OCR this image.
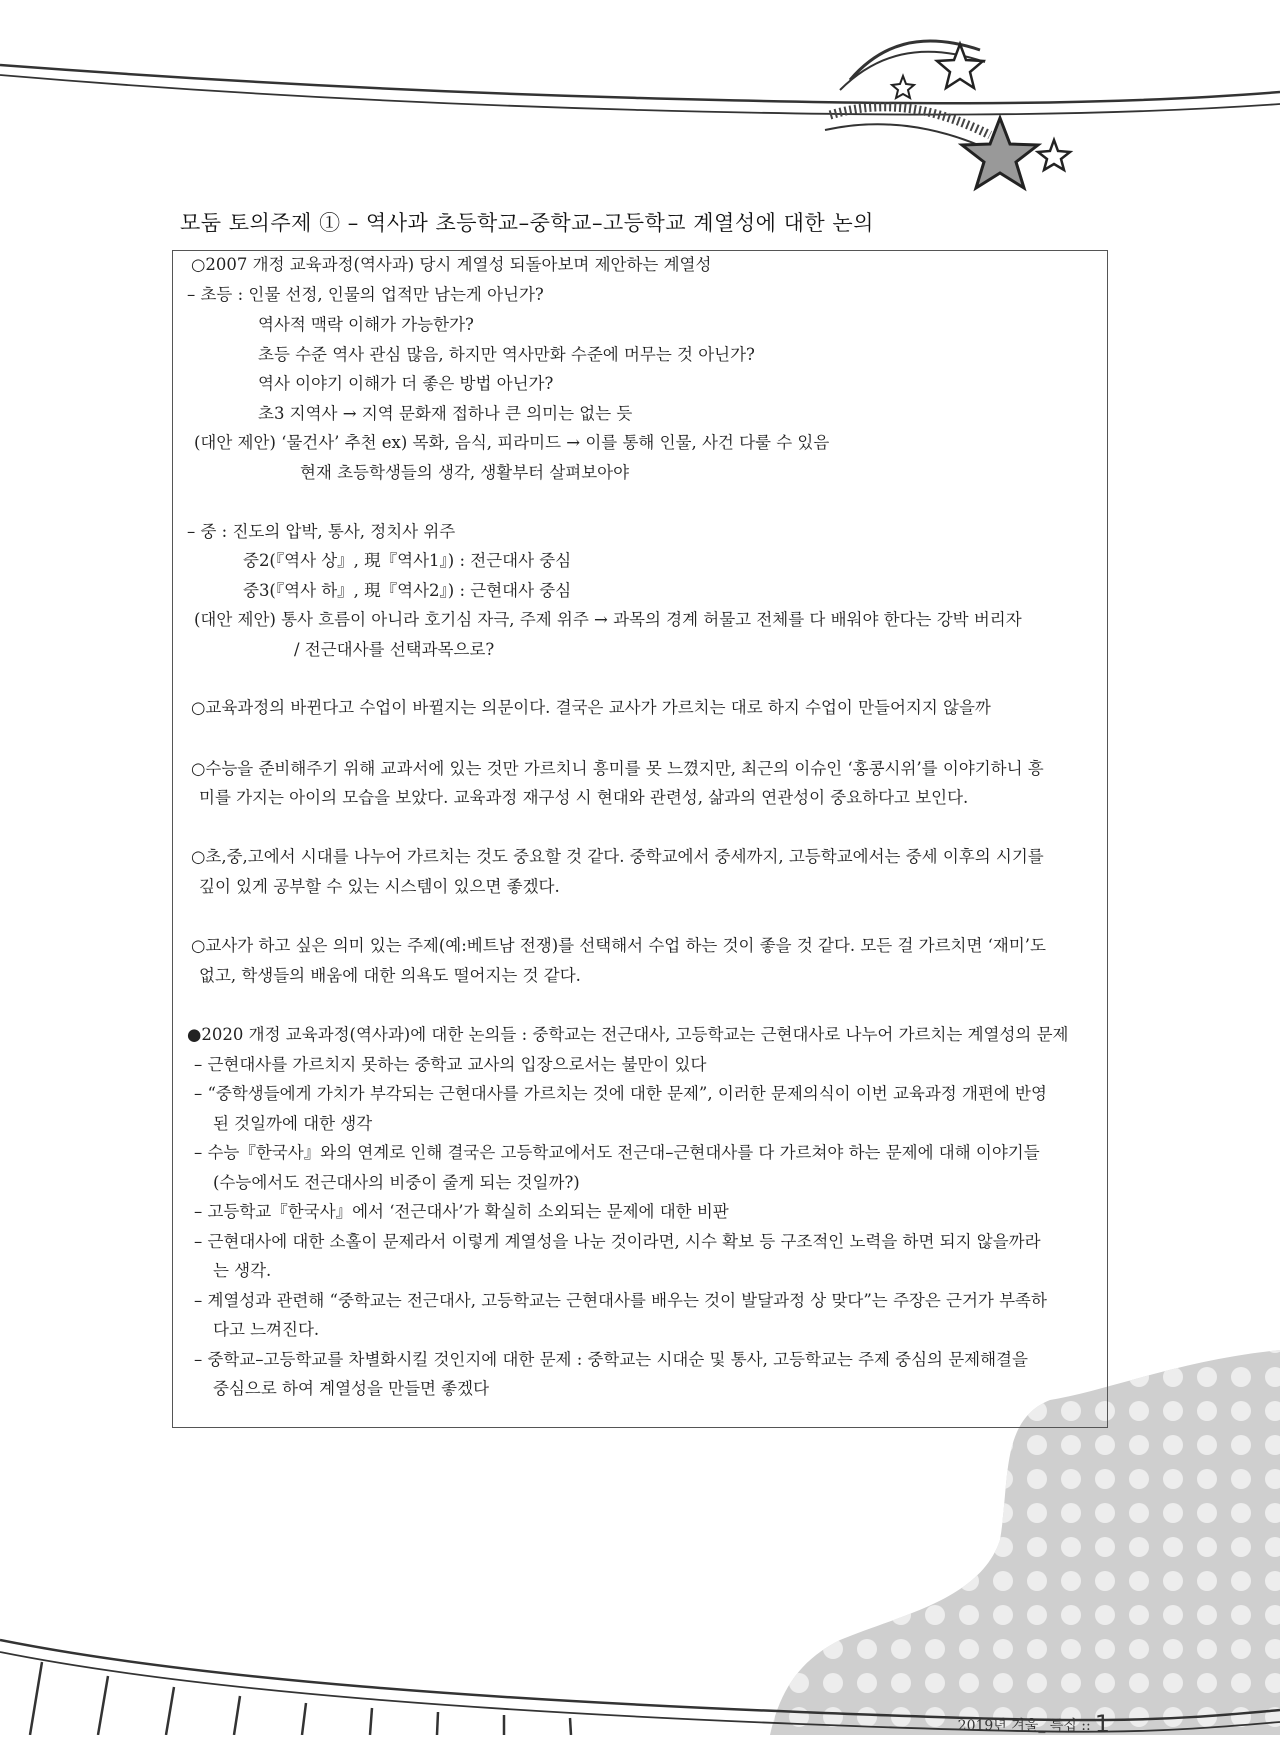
모둠 토의주제 ① – 역사과 초등학교–중학교–고등학교 계열성에 대한 논의
○2007 개정 교육과정(역사과) 당시 계열성 되돌아보며 제안하는 계열성
– 초등 : 인물 선정, 인물의 업적만 남는게 아닌가?
역사적 맥락 이해가 가능한가?
초등 수준 역사 관심 많음, 하지만 역사만화 수준에 머무는 것 아닌가?
역사 이야기 이해가 더 좋은 방법 아닌가?
초3 지역사 → 지역 문화재 접하나 큰 의미는 없는 듯
(대안 제안) ‘물건사’ 추천 ex) 목화, 음식, 피라미드 → 이를 통해 인물, 사건 다룰 수 있음
현재 초등학생들의 생각, 생활부터 살펴보아야
– 중 : 진도의 압박, 통사, 정치사 위주
중2(『역사 상』, 現『역사1』) : 전근대사 중심
중3(『역사 하』, 現『역사2』) : 근현대사 중심
(대안 제안) 통사 흐름이 아니라 호기심 자극, 주제 위주 → 과목의 경계 허물고 전체를 다 배워야 한다는 강박 버리자
/ 전근대사를 선택과목으로?
○교육과정의 바뀐다고 수업이 바뀔지는 의문이다. 결국은 교사가 가르치는 대로 하지 수업이 만들어지지 않을까
○수능을 준비해주기 위해 교과서에 있는 것만 가르치니 흥미를 못 느꼈지만, 최근의 이슈인 ‘홍콩시위’를 이야기하니 흥
미를 가지는 아이의 모습을 보았다. 교육과정 재구성 시 현대와 관련성, 삶과의 연관성이 중요하다고 보인다.
○초,중,고에서 시대를 나누어 가르치는 것도 중요할 것 같다. 중학교에서 중세까지, 고등학교에서는 중세 이후의 시기를
깊이 있게 공부할 수 있는 시스템이 있으면 좋겠다.
○교사가 하고 싶은 의미 있는 주제(예:베트남 전쟁)를 선택해서 수업 하는 것이 좋을 것 같다. 모든 걸 가르치면 ‘재미’도
없고, 학생들의 배움에 대한 의욕도 떨어지는 것 같다.
●2020 개정 교육과정(역사과)에 대한 논의들 : 중학교는 전근대사, 고등학교는 근현대사로 나누어 가르치는 계열성의 문제
– 근현대사를 가르치지 못하는 중학교 교사의 입장으로서는 불만이 있다
– “중학생들에게 가치가 부각되는 근현대사를 가르치는 것에 대한 문제”, 이러한 문제의식이 이번 교육과정 개편에 반영
된 것일까에 대한 생각
– 수능『한국사』와의 연계로 인해 결국은 고등학교에서도 전근대–근현대사를 다 가르쳐야 하는 문제에 대해 이야기들
(수능에서도 전근대사의 비중이 줄게 되는 것일까?)
– 고등학교『한국사』에서 ‘전근대사’가 확실히 소외되는 문제에 대한 비판
– 근현대사에 대한 소홀이 문제라서 이렇게 계열성을 나눈 것이라면, 시수 확보 등 구조적인 노력을 하면 되지 않을까라
는 생각.
– 계열성과 관련해 “중학교는 전근대사, 고등학교는 근현대사를 배우는 것이 발달과정 상 맞다”는 주장은 근거가 부족하
다고 느껴진다.
– 중학교–고등학교를 차별화시킬 것인지에 대한 문제 : 중학교는 시대순 및 통사, 고등학교는 주제 중심의 문제해결을
중심으로 하여 계열성을 만들면 좋겠다
2019년 겨울_ 특집 :: 1
